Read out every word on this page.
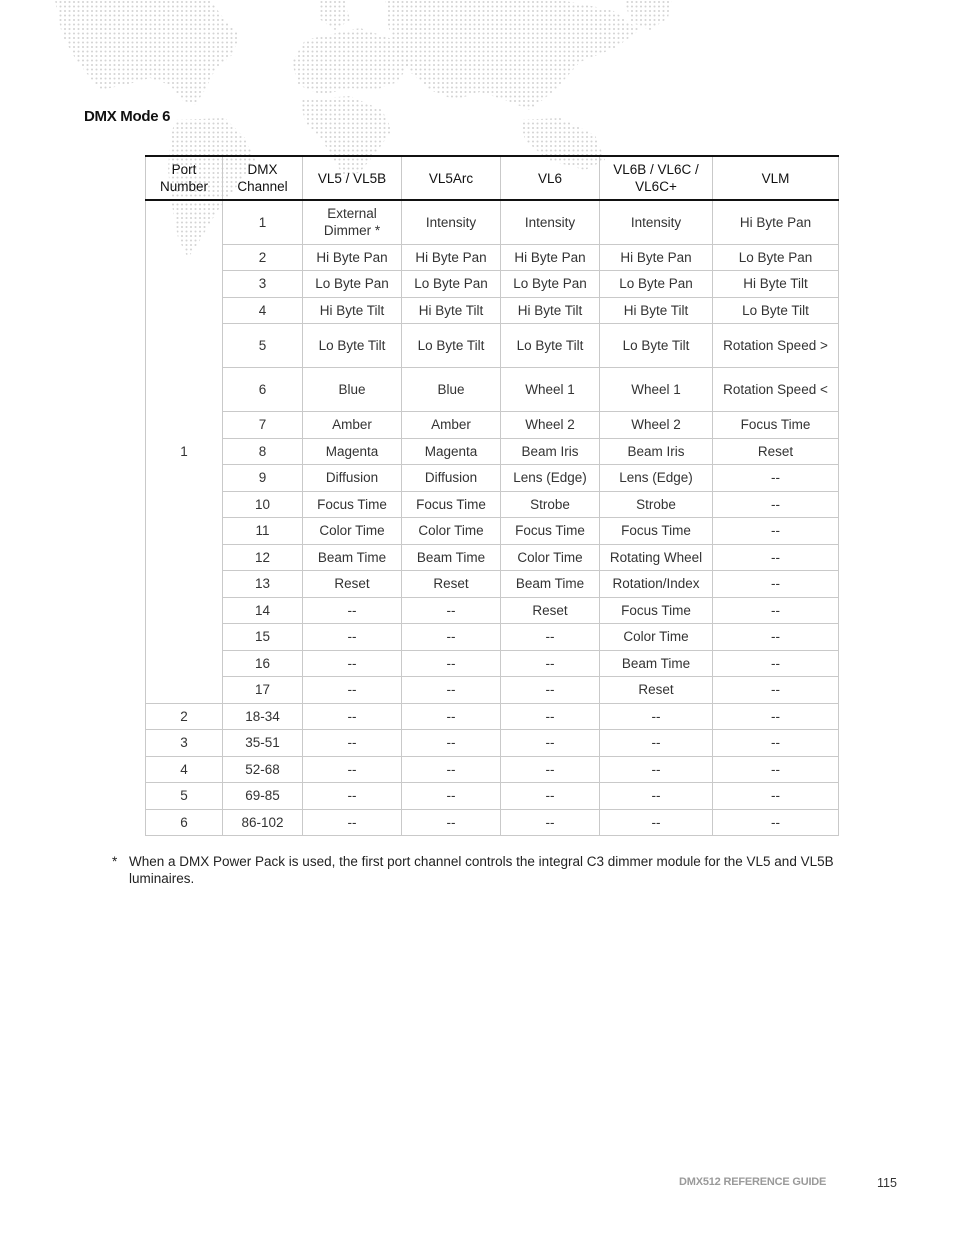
DMX Mode 6
Port Number	DMX Channel	VL5 / VL5B	VL5Arc	VL6	VL6B / VL6C / VL6C+	VLM
1	1	External Dimmer *	Intensity	Intensity	Intensity	Hi Byte Pan
	2	Hi Byte Pan	Hi Byte Pan	Hi Byte Pan	Hi Byte Pan	Lo Byte Pan
	3	Lo Byte Pan	Lo Byte Pan	Lo Byte Pan	Lo Byte Pan	Hi Byte Tilt
	4	Hi Byte Tilt	Hi Byte Tilt	Hi Byte Tilt	Hi Byte Tilt	Lo Byte Tilt
	5	Lo Byte Tilt	Lo Byte Tilt	Lo Byte Tilt	Lo Byte Tilt	Rotation Speed >
	6	Blue	Blue	Wheel 1	Wheel 1	Rotation Speed <
	7	Amber	Amber	Wheel 2	Wheel 2	Focus Time
	8	Magenta	Magenta	Beam Iris	Beam Iris	Reset
	9	Diffusion	Diffusion	Lens (Edge)	Lens (Edge)	--
	10	Focus Time	Focus Time	Strobe	Strobe	--
	11	Color Time	Color Time	Focus Time	Focus Time	--
	12	Beam Time	Beam Time	Color Time	Rotating Wheel	--
	13	Reset	Reset	Beam Time	Rotation/Index	--
	14	--	--	Reset	Focus Time	--
	15	--	--	--	Color Time	--
	16	--	--	--	Beam Time	--
	17	--	--	--	Reset	--
2	18-34	--	--	--	--	--
3	35-51	--	--	--	--	--
4	52-68	--	--	--	--	--
5	69-85	--	--	--	--	--
6	86-102	--	--	--	--	--
* When a DMX Power Pack is used, the first port channel controls the integral C3 dimmer module for the VL5 and VL5B luminaires.
DMX512 REFERENCE GUIDE	115
